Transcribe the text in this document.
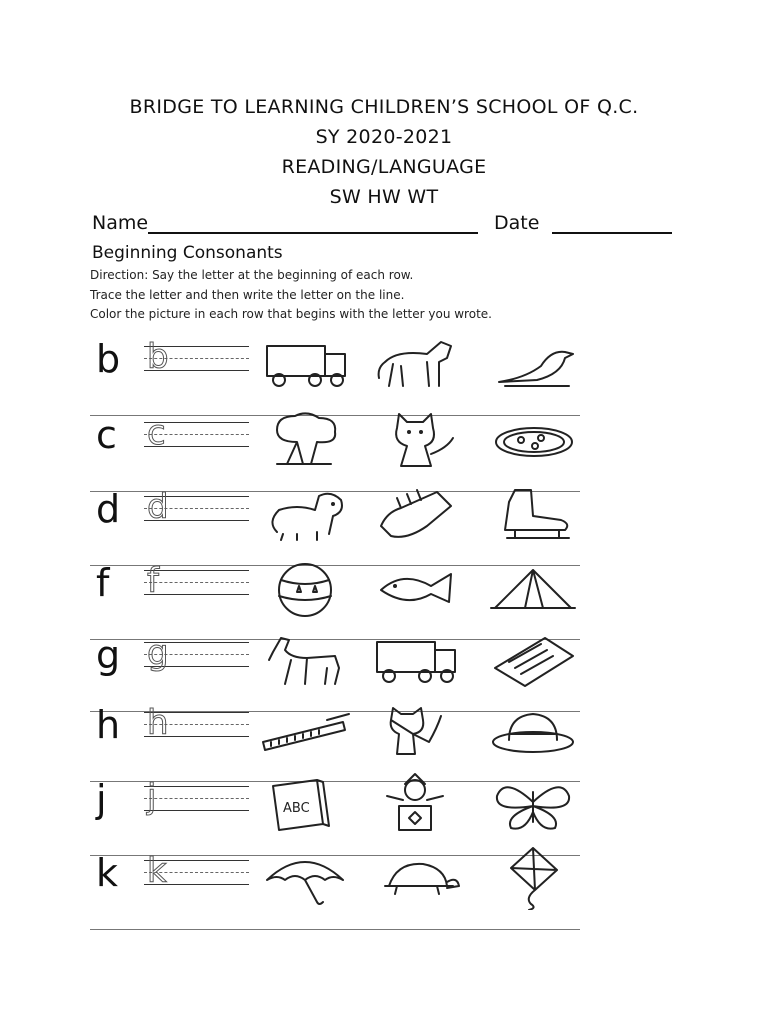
BRIDGE TO LEARNING CHILDREN’S SCHOOL OF Q.C.
SY 2020-2021
READING/LANGUAGE
SW HW WT
Name	Date
Beginning Consonants
Direction: Say the letter at the beginning of each row.
Trace the letter and then write the letter on the line.
Color the picture in each row that begins with the letter you wrote.
b b
c c
d d
f	f
g g
h h
j	j	ABC
k k
